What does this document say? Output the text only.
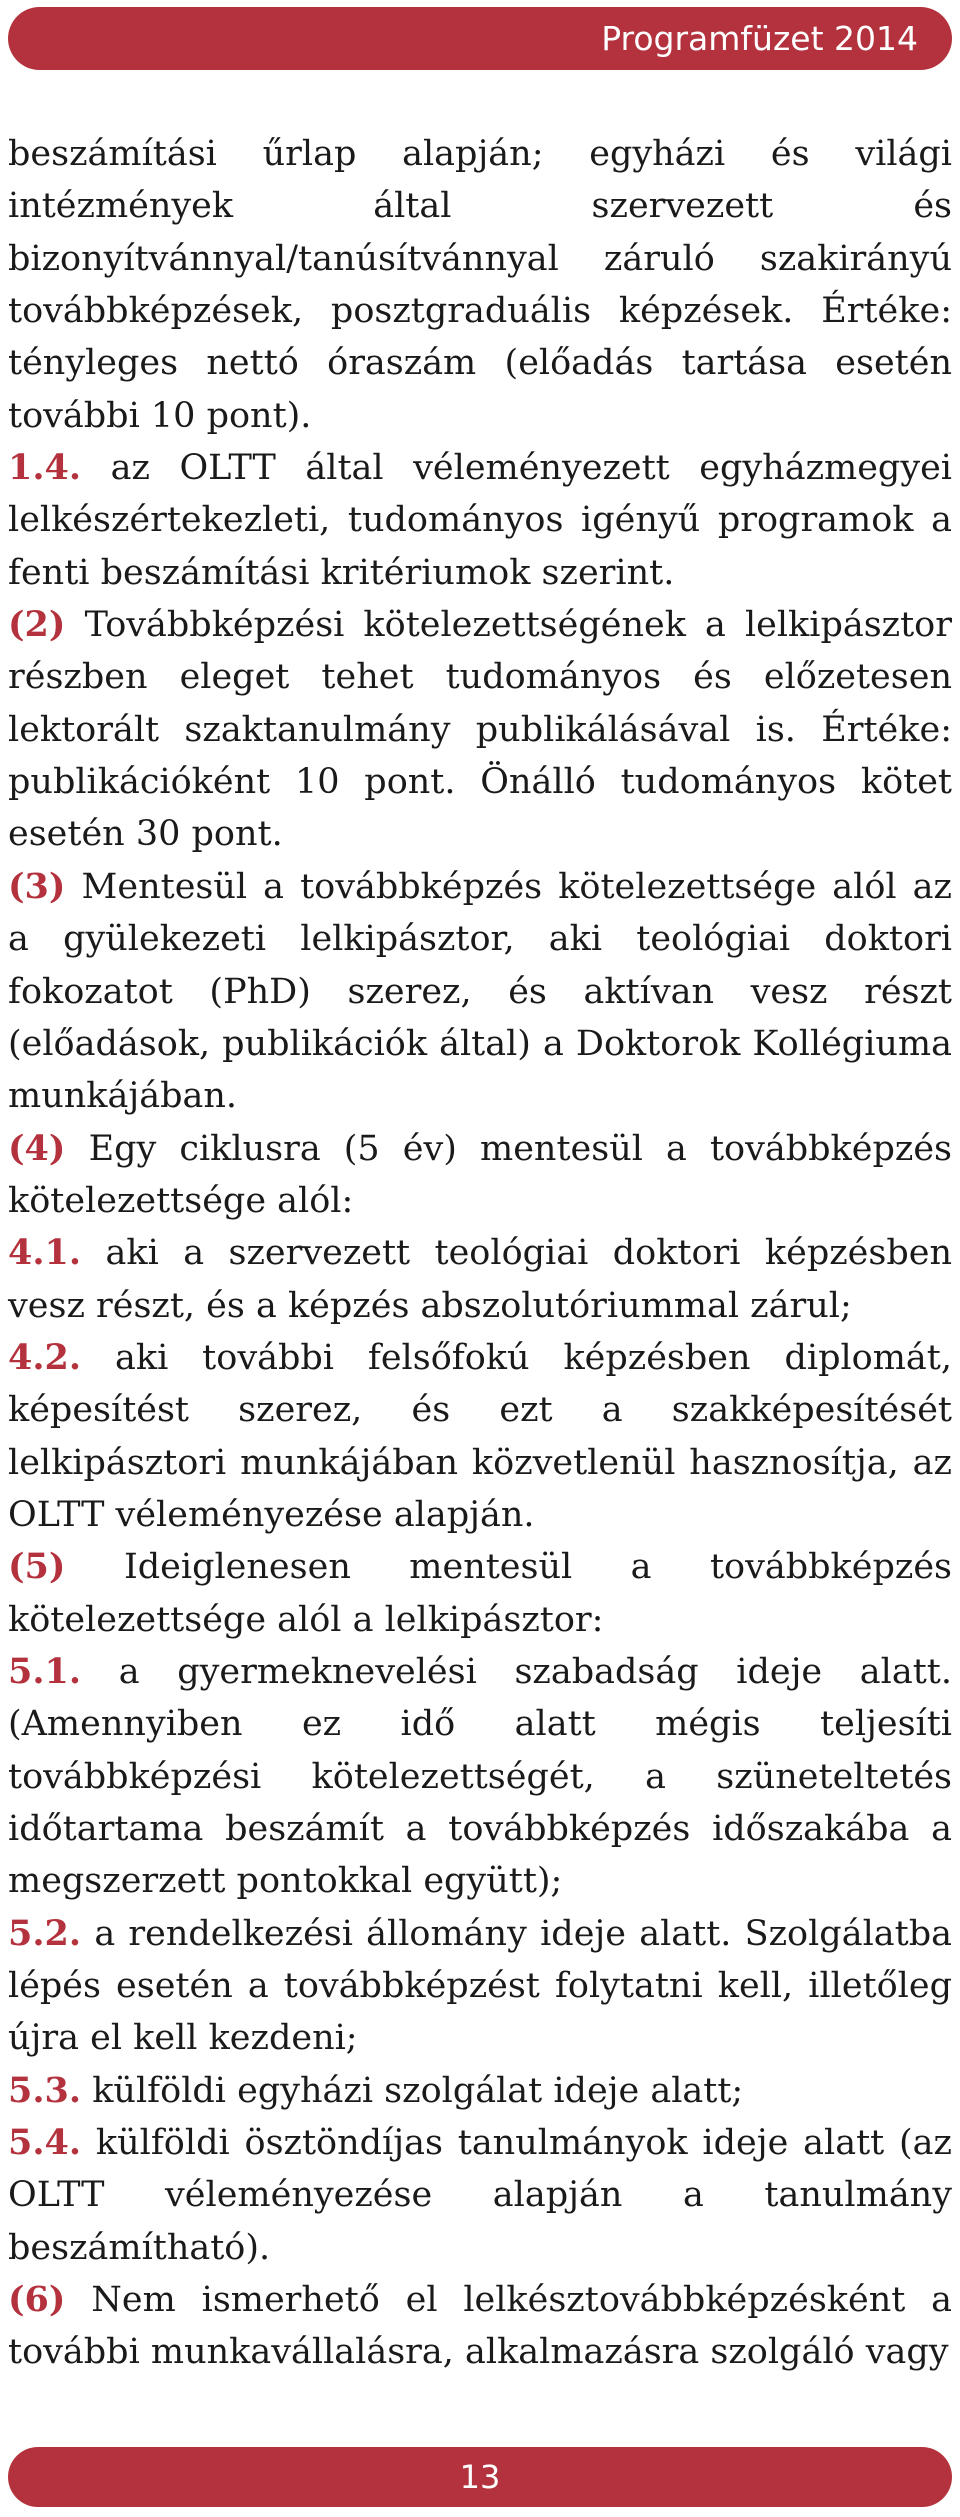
Programfüzet 2014

beszámítási űrlap alapján; egyházi és világi intézmények által szervezett és bizonyítvánnyal/tanúsítvánnyal záruló szakirányú továbbképzések, posztgraduális képzések. Értéke: tényleges nettó óraszám (előadás tartása esetén további 10 pont).

1.4. az OLTT által véleményezett egyházmegyei lelkészértekezleti, tudományos igényű programok a fenti beszámítási kritériumok szerint.

(2) Továbbképzési kötelezettségének a lelkipásztor részben eleget tehet tudományos és előzetesen lektorált szaktanulmány publikálásával is. Értéke: publikációként 10 pont. Önálló tudományos kötet esetén 30 pont.

(3) Mentesül a továbbképzés kötelezettsége alól az a gyülekezeti lelkipásztor, aki teológiai doktori fokozatot (PhD) szerez, és aktívan vesz részt (előadások, publikációk által) a Doktorok Kollégiuma munkájában.

(4) Egy ciklusra (5 év) mentesül a továbbképzés kötelezettsége alól:

4.1. aki a szervezett teológiai doktori képzésben vesz részt, és a képzés abszolutóriummal zárul;

4.2. aki további felsőfokú képzésben diplomát, képesítést szerez, és ezt a szakképesítését lelkipásztori munkájában közvetlenül hasznosítja, az OLTT véleményezése alapján.

(5) Ideiglenesen mentesül a továbbképzés kötelezettsége alól a lelkipásztor:

5.1. a gyermeknevelési szabadság ideje alatt. (Amennyiben ez idő alatt mégis teljesíti továbbképzési kötelezettségét, a szüneteltetés időtartama beszámít a továbbképzés időszakába a megszerzett pontokkal együtt);

5.2. a rendelkezési állomány ideje alatt. Szolgálatba lépés esetén a továbbképzést folytatni kell, illetőleg újra el kell kezdeni;

5.3. külföldi egyházi szolgálat ideje alatt;

5.4. külföldi ösztöndíjas tanulmányok ideje alatt (az OLTT véleményezése alapján a tanulmány beszámítható).

(6) Nem ismerhető el lelkésztovábbképzésként a további munkavállalásra, alkalmazásra szolgáló vagy

13
